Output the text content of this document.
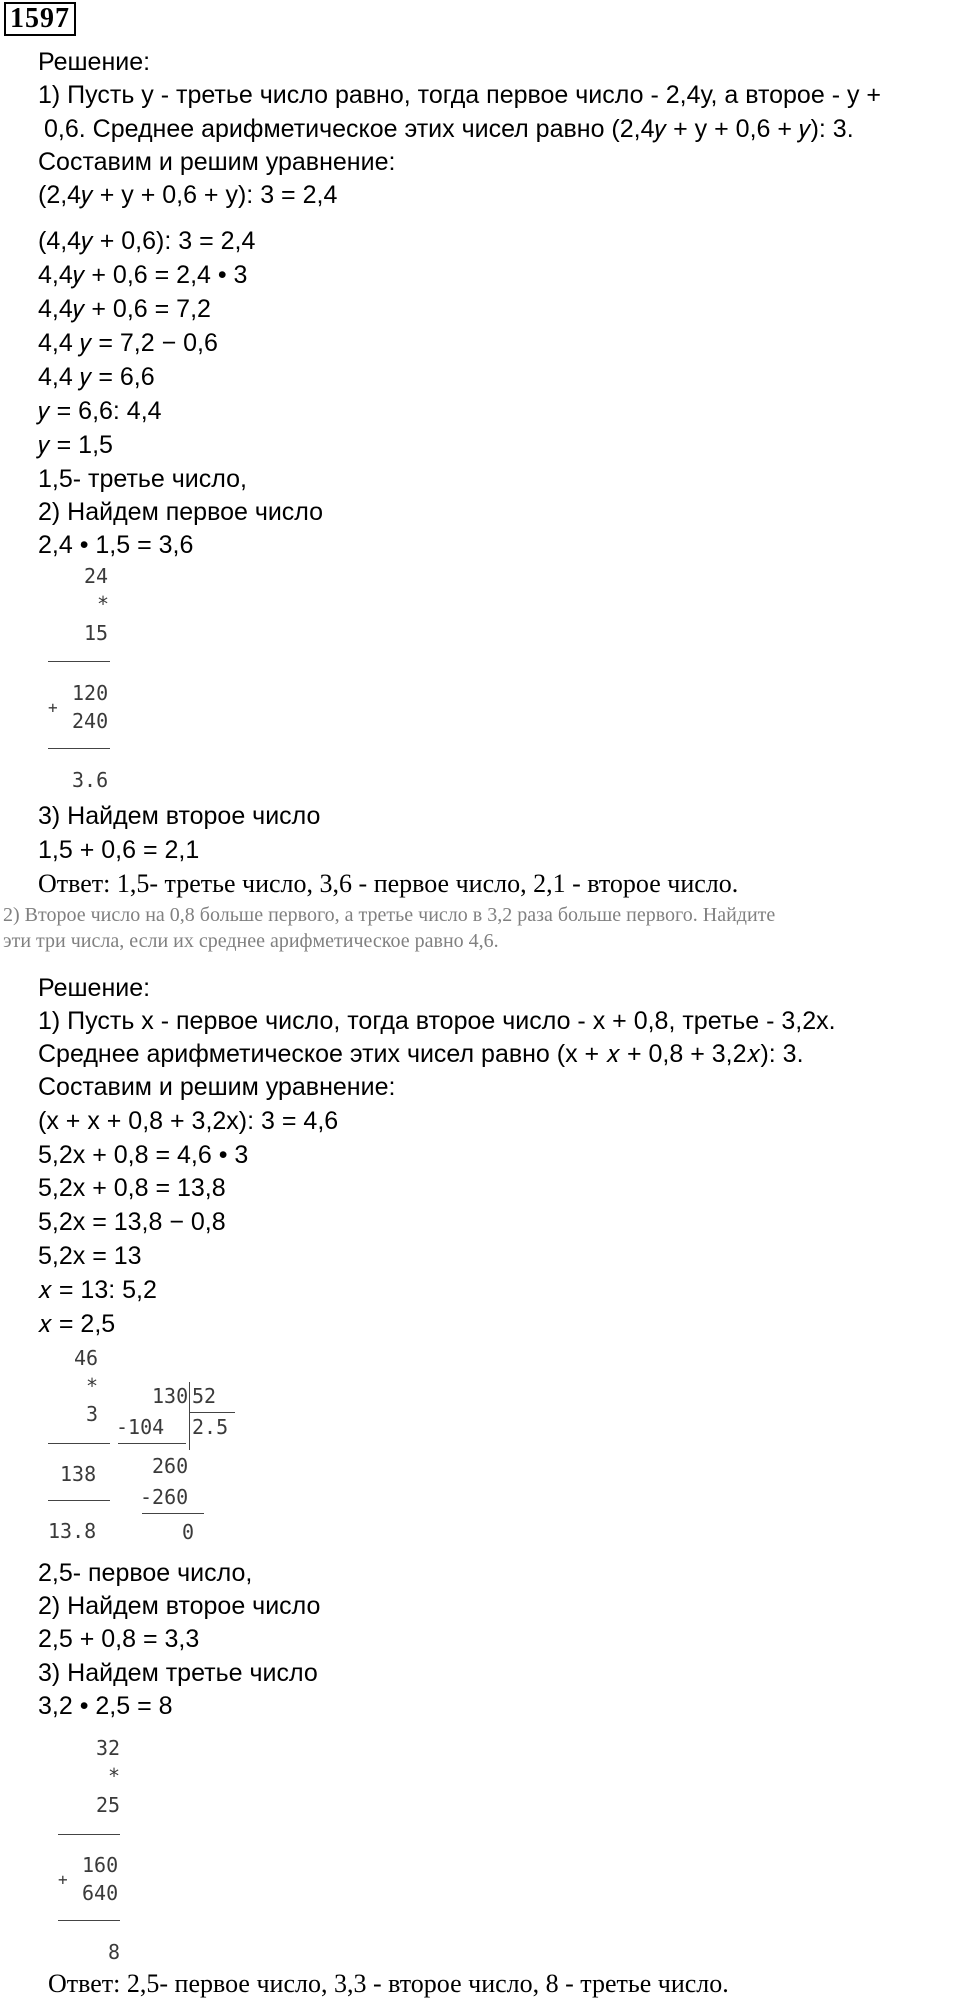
1597
Решение:
1) Пусть у - третье число равно, тогда первое число - 2,4у, а вторoе - у +
0,6. Среднее арифметическое этих чисел равно (2,4𝑦 + у + 0,6 + 𝑦): 3.
Составим и решим уравнение:
(2,4𝑦 + у + 0,6 + у): 3 = 2,4
(4,4𝑦 + 0,6): 3 = 2,4
4,4𝑦 + 0,6 = 2,4 • 3
4,4𝑦 + 0,6 = 7,2
4,4 𝑦 = 7,2 − 0,6
4,4 𝑦 = 6,6
𝑦 = 6,6: 4,4
𝑦 = 1,5
1,5- третье число,
2) Найдем первое число
2,4 • 1,5 = 3,6
24
*
15
+
120
240
3.6
3) Найдем второе число
1,5 + 0,6 = 2,1
Ответ: 1,5- третье число, 3,6 - первое число, 2,1 - второе число.
2) Второе число на 0,8 больше первого, а третье число в 3,2 раза больше первого. Найдите
эти три числа, если их среднее арифметическое равно 4,6.
Решение:
1) Пусть х - первое число, тогда второе число - х + 0,8, третье - 3,2х.
Среднее арифметическое этих чисел равно (х + 𝑥 + 0,8 + 3,2𝑥): 3.
Составим и решим уравнение:
(х + х + 0,8 + 3,2х): 3 = 4,6
5,2х + 0,8 = 4,6 • 3
5,2х + 0,8 = 13,8
5,2х = 13,8 − 0,8
5,2х = 13
𝑥 = 13: 5,2
𝑥 = 2,5
46
*
3
138
13.8
130 52
-104 2.5
260
-260
0
2,5- первое число,
2) Найдем второе число
2,5 + 0,8 = 3,3
3) Найдем третье число
3,2 • 2,5 = 8
32
*
25
+
160
640
8
Ответ: 2,5- первое число, 3,3 - второе число, 8 - третье число.
